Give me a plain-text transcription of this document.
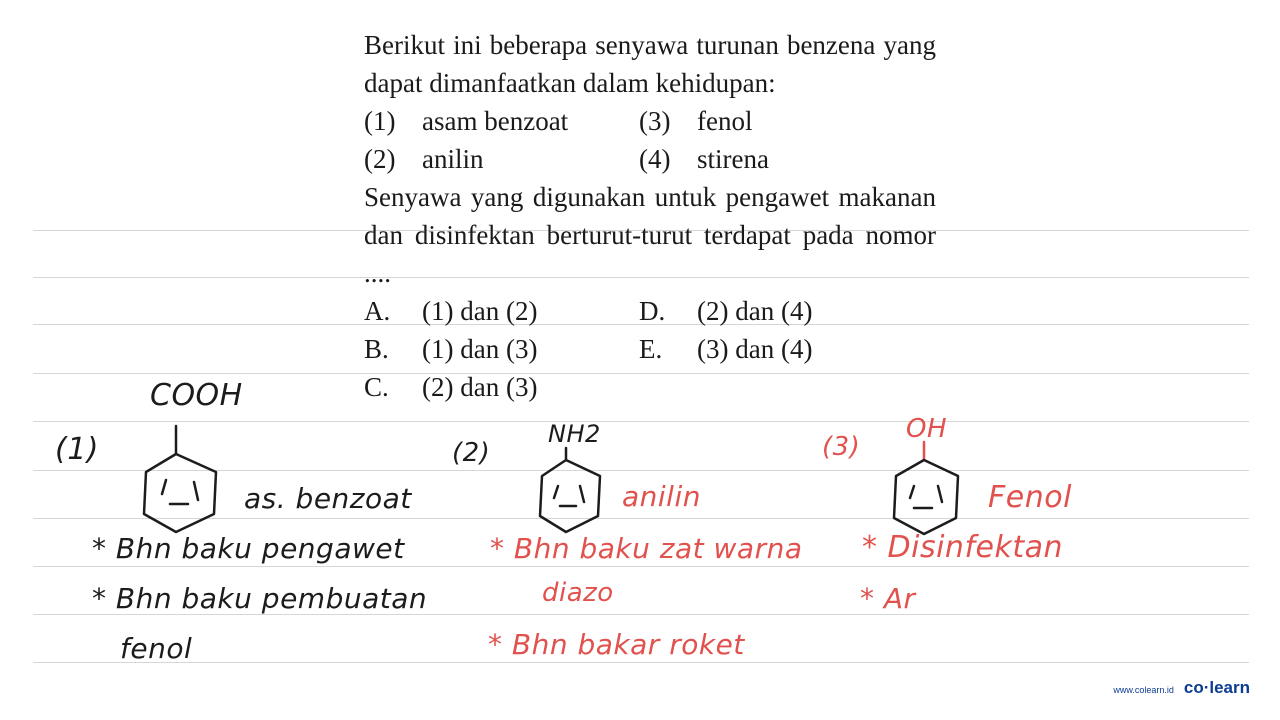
Berikut ini beberapa senyawa turunan benzena yang dapat dimanfaatkan dalam kehidupan:

(1) asam benzoat	(3) fenol
(2) anilin	(4) stirena

Senyawa yang digunakan untuk pengawet makanan dan disinfektan berturut-turut terdapat pada nomor ....

A.	(1) dan (2)	D.	(2) dan (4)
B.	(1) dan (3)	E.	(3) dan (4)
C.	(2) dan (3)
COOH
(1)
as. benzoat
* Bhn baku pengawet
* Bhn baku pembuatan
fenol
(2)
NH2
anilin
* Bhn baku zat warna
diazo
* Bhn bakar roket
(3)
OH
Fenol
* Disinfektan
* Ar
www.colearn.id co·learn
